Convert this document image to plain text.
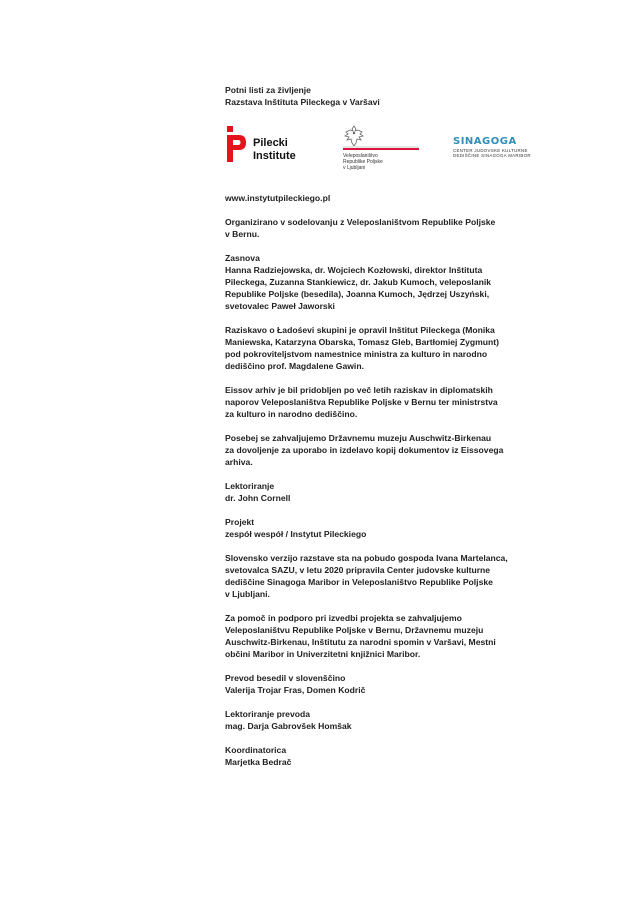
Potni listi za življenje
Razstava Inštituta Pileckega v Varšavi
Pilecki
Institute	Veleposlaništvo
Republike Poljske
v Ljubljani
SINAGOGA
CENTER JUDOVSKE KULTURNE
DEDIŠČINE SINAGOGA MARIBOR
www.instytutpileckiego.pl
Organizirano v sodelovanju z Veleposlaništvom Republike Poljske
v Bernu.
Zasnova
Hanna Radziejowska, dr. Wojciech Kozłowski, direktor Inštituta
Pileckega, Zuzanna Stankiewicz, dr. Jakub Kumoch, veleposlanik
Republike Poljske (besedila), Joanna Kumoch, Jędrzej Uszyński,
svetovalec Paweł Jaworski
Raziskavo o Ładośevi skupini je opravil Inštitut Pileckega (Monika
Maniewska, Katarzyna Obarska, Tomasz Gleb, Bartłomiej Zygmunt)
pod pokroviteljstvom namestnice ministra za kulturo in narodno
dediščino prof. Magdalene Gawin.
Eissov arhiv je bil pridobljen po več letih raziskav in diplomatskih
naporov Veleposlaništva Republike Poljske v Bernu ter ministrstva
za kulturo in narodno dediščino.
Posebej se zahvaljujemo Državnemu muzeju Auschwitz-Birkenau
za dovoljenje za uporabo in izdelavo kopij dokumentov iz Eissovega
arhiva.
Lektoriranje
dr. John Cornell
Projekt
zespół wespół / Instytut Pileckiego
Slovensko verzijo razstave sta na pobudo gospoda Ivana Martelanca,
svetovalca SAZU, v letu 2020 pripravila Center judovske kulturne
dediščine Sinagoga Maribor in Veleposlaništvo Republike Poljske
v Ljubljani.
Za pomoč in podporo pri izvedbi projekta se zahvaljujemo
Veleposlaništvu Republike Poljske v Bernu, Državnemu muzeju
Auschwitz-Birkenau, Inštitutu za narodni spomin v Varšavi, Mestni
občini Maribor in Univerzitetni knjižnici Maribor.
Prevod besedil v slovenščino
Valerija Trojar Fras, Domen Kodrič
Lektoriranje prevoda
mag. Darja Gabrovšek Homšak
Koordinatorica
Marjetka Bedrač
